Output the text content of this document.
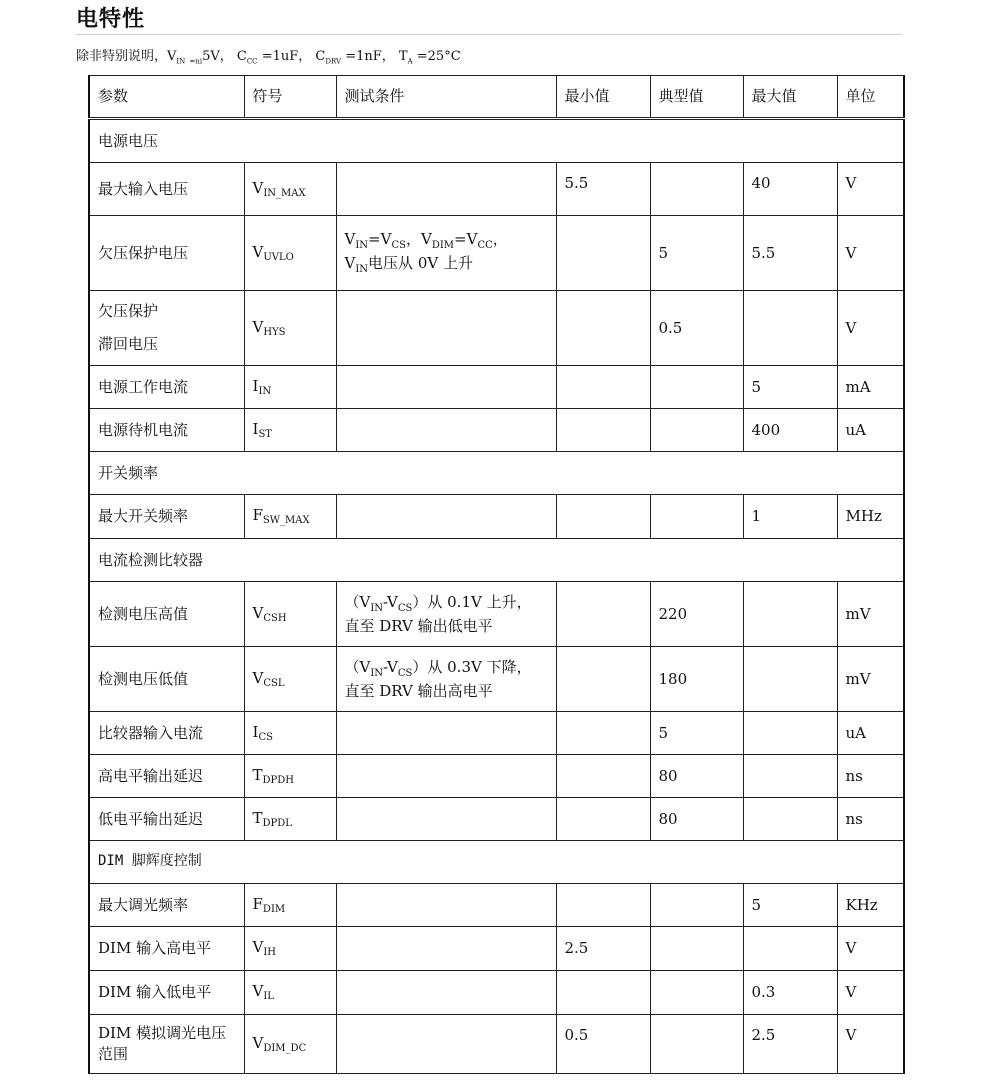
电特性
除非特别说明，$V_{IN}$ $_{=ni}$5V， $C_{CC} =1uF$， $C_{DRV} =1nF$， $T_A =25^\circ C$
参数	符号	测试条件	最小值	典型值	最大值	单位
电源电压						
最大输入电压	$V_{IN\_MAX}$		5.5		40	V
欠压保护电压	$V_{UVLO}$	$V_{IN}=V_{CS}$，$V_{DIM}=V_{CC}$，
$V_{IN}$电压从 0V 上升		5	5.5	V
欠压保护
滞回电压	$V_{HYS}$			0.5		V
电源工作电流	$I_{IN}$				5	mA
电源待机电流	$I_{ST}$				400	uA
开关频率						
最大开关频率	$F_{SW\_MAX}$				1	MHz
电流检测比较器						
检测电压高值	$V_{CSH}$	$(V_{IN}-V_{CS})$从 0.1V 上升，
直至 DRV 输出低电平		220		mV
检测电压低值	$V_{CSL}$	$(V_{IN}-V_{CS})$从 0.3V 下降，
直至 DRV 输出高电平		180		mV
比较器输入电流	$I_{CS}$			5		uA
高电平输出延迟	$T_{DPDH}$			80		ns
低电平输出延迟	$T_{DPDL}$			80		ns
DIM 脚辉度控制						
最大调光频率	$F_{DIM}$				5	KHz
DIM 输入高电平	$V_{IH}$		2.5			V
DIM 输入低电平	$V_{IL}$				0.3	V
DIM 模拟调光电压范围	$V_{DIM\_DC}$		0.5		2.5	V
